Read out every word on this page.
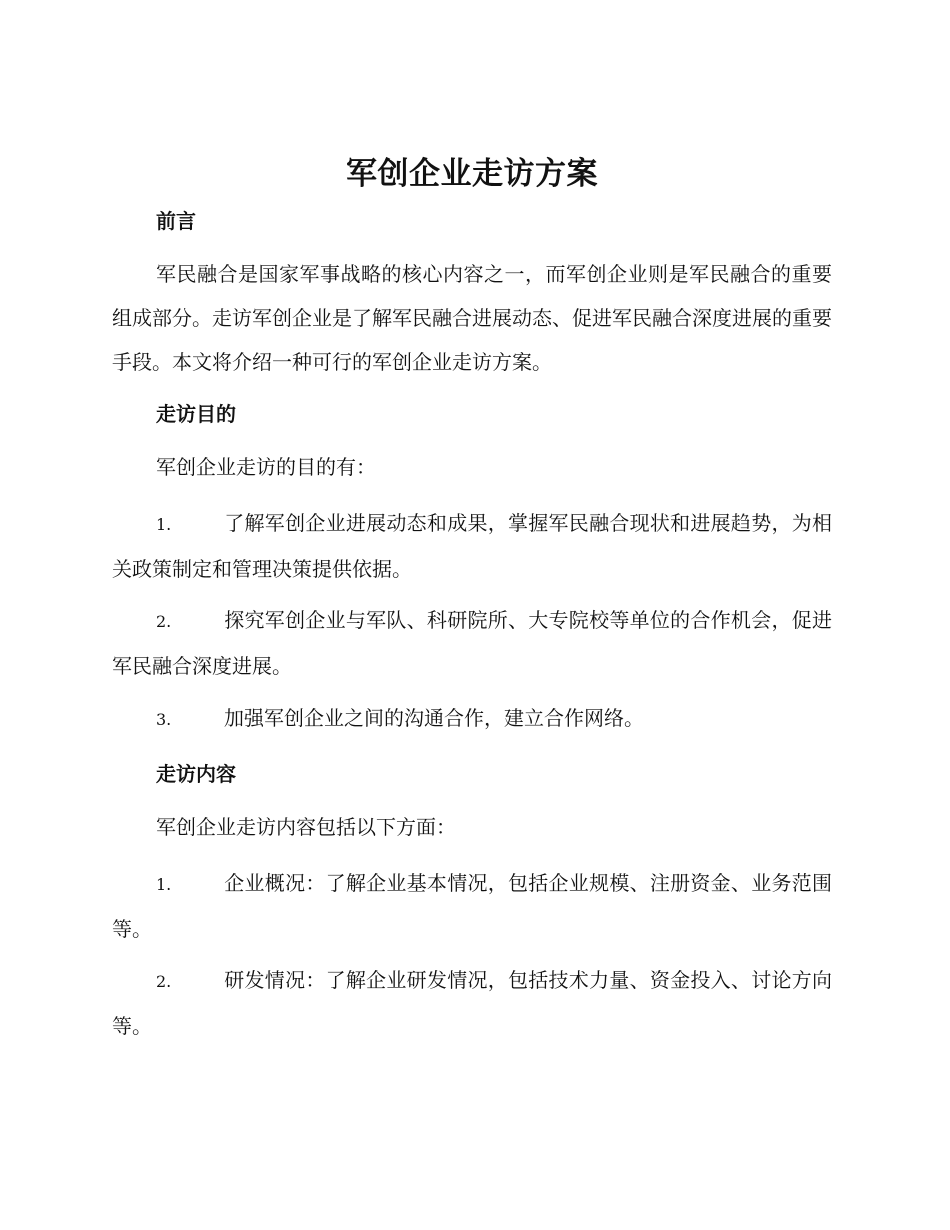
军创企业走访方案
前言

军民融合是国家军事战略的核心内容之一，而军创企业则是军民融合的重要组成部分。走访军创企业是了解军民融合进展动态、促进军民融合深度进展的重要手段。本文将介绍一种可行的军创企业走访方案。

走访目的

军创企业走访的目的有：

1.	了解军创企业进展动态和成果，掌握军民融合现状和进展趋势，为相关政策制定和管理决策提供依据。
2.	探究军创企业与军队、科研院所、大专院校等单位的合作机会，促进军民融合深度进展。
3.	加强军创企业之间的沟通合作，建立合作网络。
走访内容

军创企业走访内容包括以下方面：

1.	企业概况：了解企业基本情况，包括企业规模、注册资金、业务范围等。
2.	研发情况：了解企业研发情况，包括技术力量、资金投入、讨论方向等。
